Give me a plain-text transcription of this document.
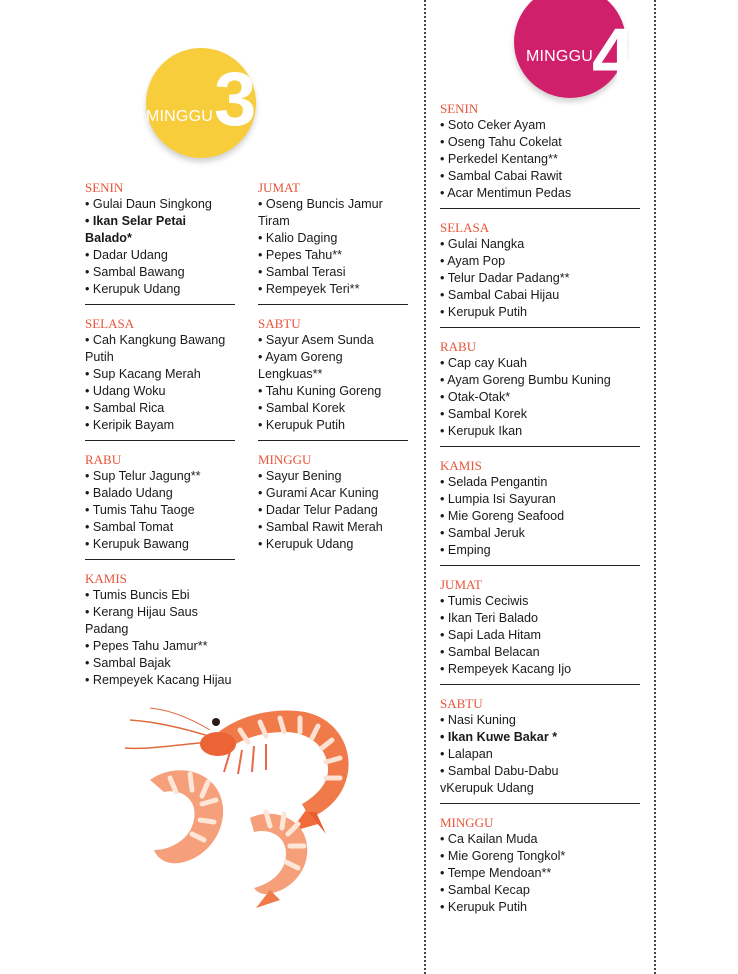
MINGGU 3
MINGGU 4
SENIN
• Gulai Daun Singkong
• Ikan Selar Petai Balado*
• Dadar Udang
• Sambal Bawang
• Kerupuk Udang
SELASA
• Cah Kangkung Bawang Putih
• Sup Kacang Merah
• Udang Woku
• Sambal Rica
• Keripik Bayam
RABU
• Sup Telur Jagung**
• Balado Udang
• Tumis Tahu Taoge
• Sambal Tomat
• Kerupuk Bawang
KAMIS
• Tumis Buncis Ebi
• Kerang Hijau Saus Padang
• Pepes Tahu Jamur**
• Sambal Bajak
• Rempeyek Kacang Hijau
JUMAT
• Oseng Buncis Jamur Tiram
• Kalio Daging
• Pepes Tahu**
• Sambal Terasi
• Rempeyek Teri**
SABTU
• Sayur Asem Sunda
• Ayam Goreng Lengkuas**
• Tahu Kuning Goreng
• Sambal Korek
• Kerupuk Putih
MINGGU
• Sayur Bening
• Gurami Acar Kuning
• Dadar Telur Padang
• Sambal Rawit Merah
• Kerupuk Udang
SENIN
• Soto Ceker Ayam
• Oseng Tahu Cokelat
• Perkedel Kentang**
• Sambal Cabai Rawit
• Acar Mentimun Pedas
SELASA
• Gulai Nangka
• Ayam Pop
• Telur Dadar Padang**
• Sambal Cabai Hijau
• Kerupuk Putih
RABU
• Cap cay Kuah
• Ayam Goreng Bumbu Kuning
• Otak-Otak*
• Sambal Korek
• Kerupuk Ikan
KAMIS
• Selada Pengantin
• Lumpia Isi Sayuran
• Mie Goreng Seafood
• Sambal Jeruk
• Emping
JUMAT
• Tumis Ceciwis
• Ikan Teri Balado
• Sapi Lada Hitam
• Sambal Belacan
• Rempeyek Kacang Ijo
SABTU
• Nasi Kuning
• Ikan Kuwe Bakar *
• Lalapan
• Sambal Dabu-Dabu vKerupuk Udang
MINGGU
• Ca Kailan Muda
• Mie Goreng Tongkol*
• Tempe Mendoan**
• Sambal Kecap
• Kerupuk Putih
